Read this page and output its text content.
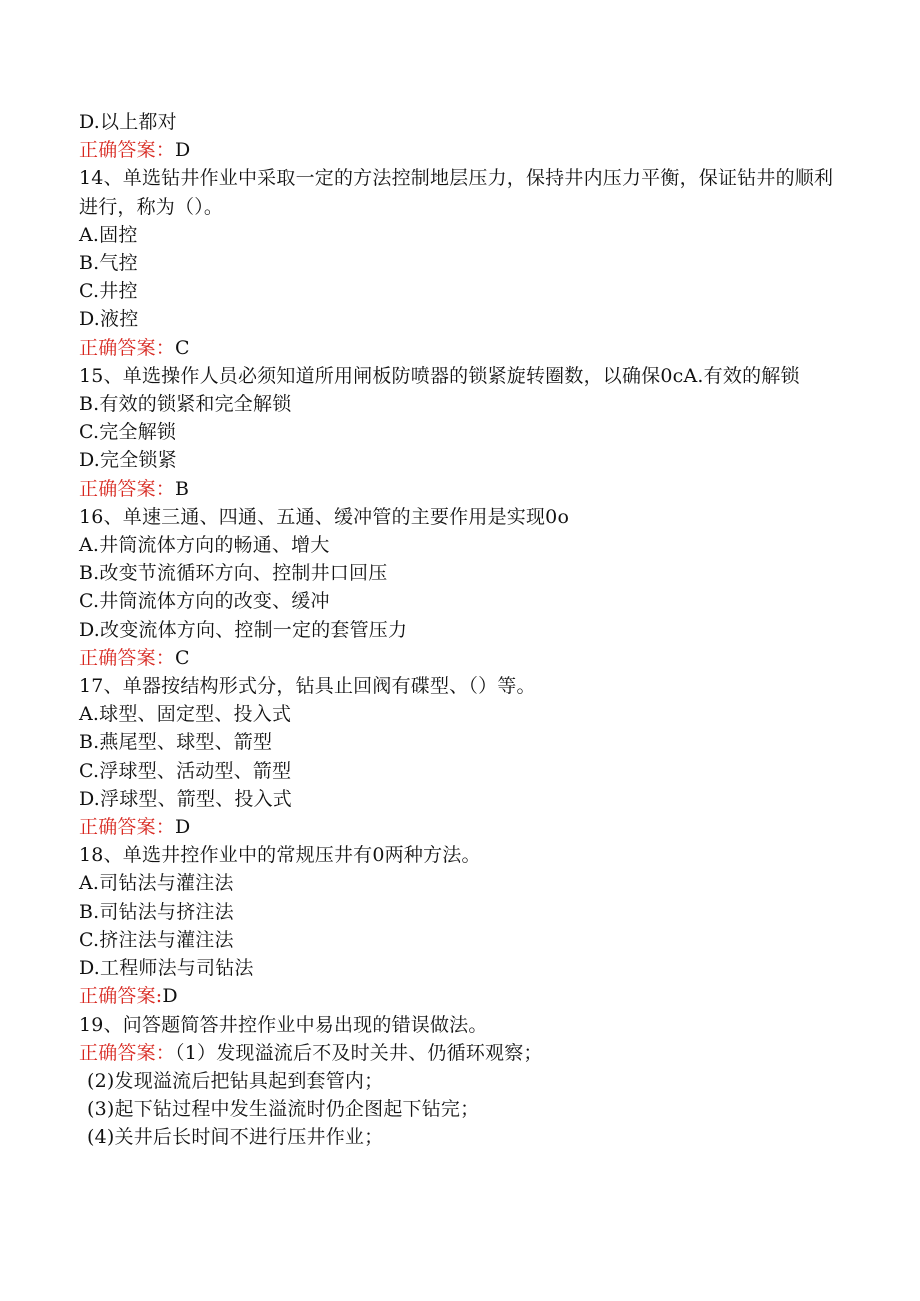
D.以上都对
正确答案：D
14、单选钻井作业中采取一定的方法控制地层压力，保持井内压力平衡，保证钻井的顺利进行，称为（）。
A.固控
B.气控
C.井控
D.液控
正确答案：C
15、单选操作人员必须知道所用闸板防喷器的锁紧旋转圈数，以确保0cA.有效的解锁
B.有效的锁紧和完全解锁
C.完全解锁
D.完全锁紧
正确答案：B
16、单速三通、四通、五通、缓冲管的主要作用是实现0o
A.井筒流体方向的畅通、增大
B.改变节流循环方向、控制井口回压
C.井筒流体方向的改变、缓冲
D.改变流体方向、控制一定的套管压力
正确答案：C
17、单器按结构形式分，钻具止回阀有碟型、（）等。
A.球型、固定型、投入式
B.燕尾型、球型、箭型
C.浮球型、活动型、箭型
D.浮球型、箭型、投入式
正确答案：D
18、单选井控作业中的常规压井有0两种方法。
A.司钻法与灌注法
B.司钻法与挤注法
C.挤注法与灌注法
D.工程师法与司钻法
正确答案:D
19、问答题简答井控作业中易出现的错误做法。
正确答案：（1）发现溢流后不及时关井、仍循环观察；
(2)发现溢流后把钻具起到套管内；
(3)起下钻过程中发生溢流时仍企图起下钻完；
(4)关井后长时间不进行压井作业；
